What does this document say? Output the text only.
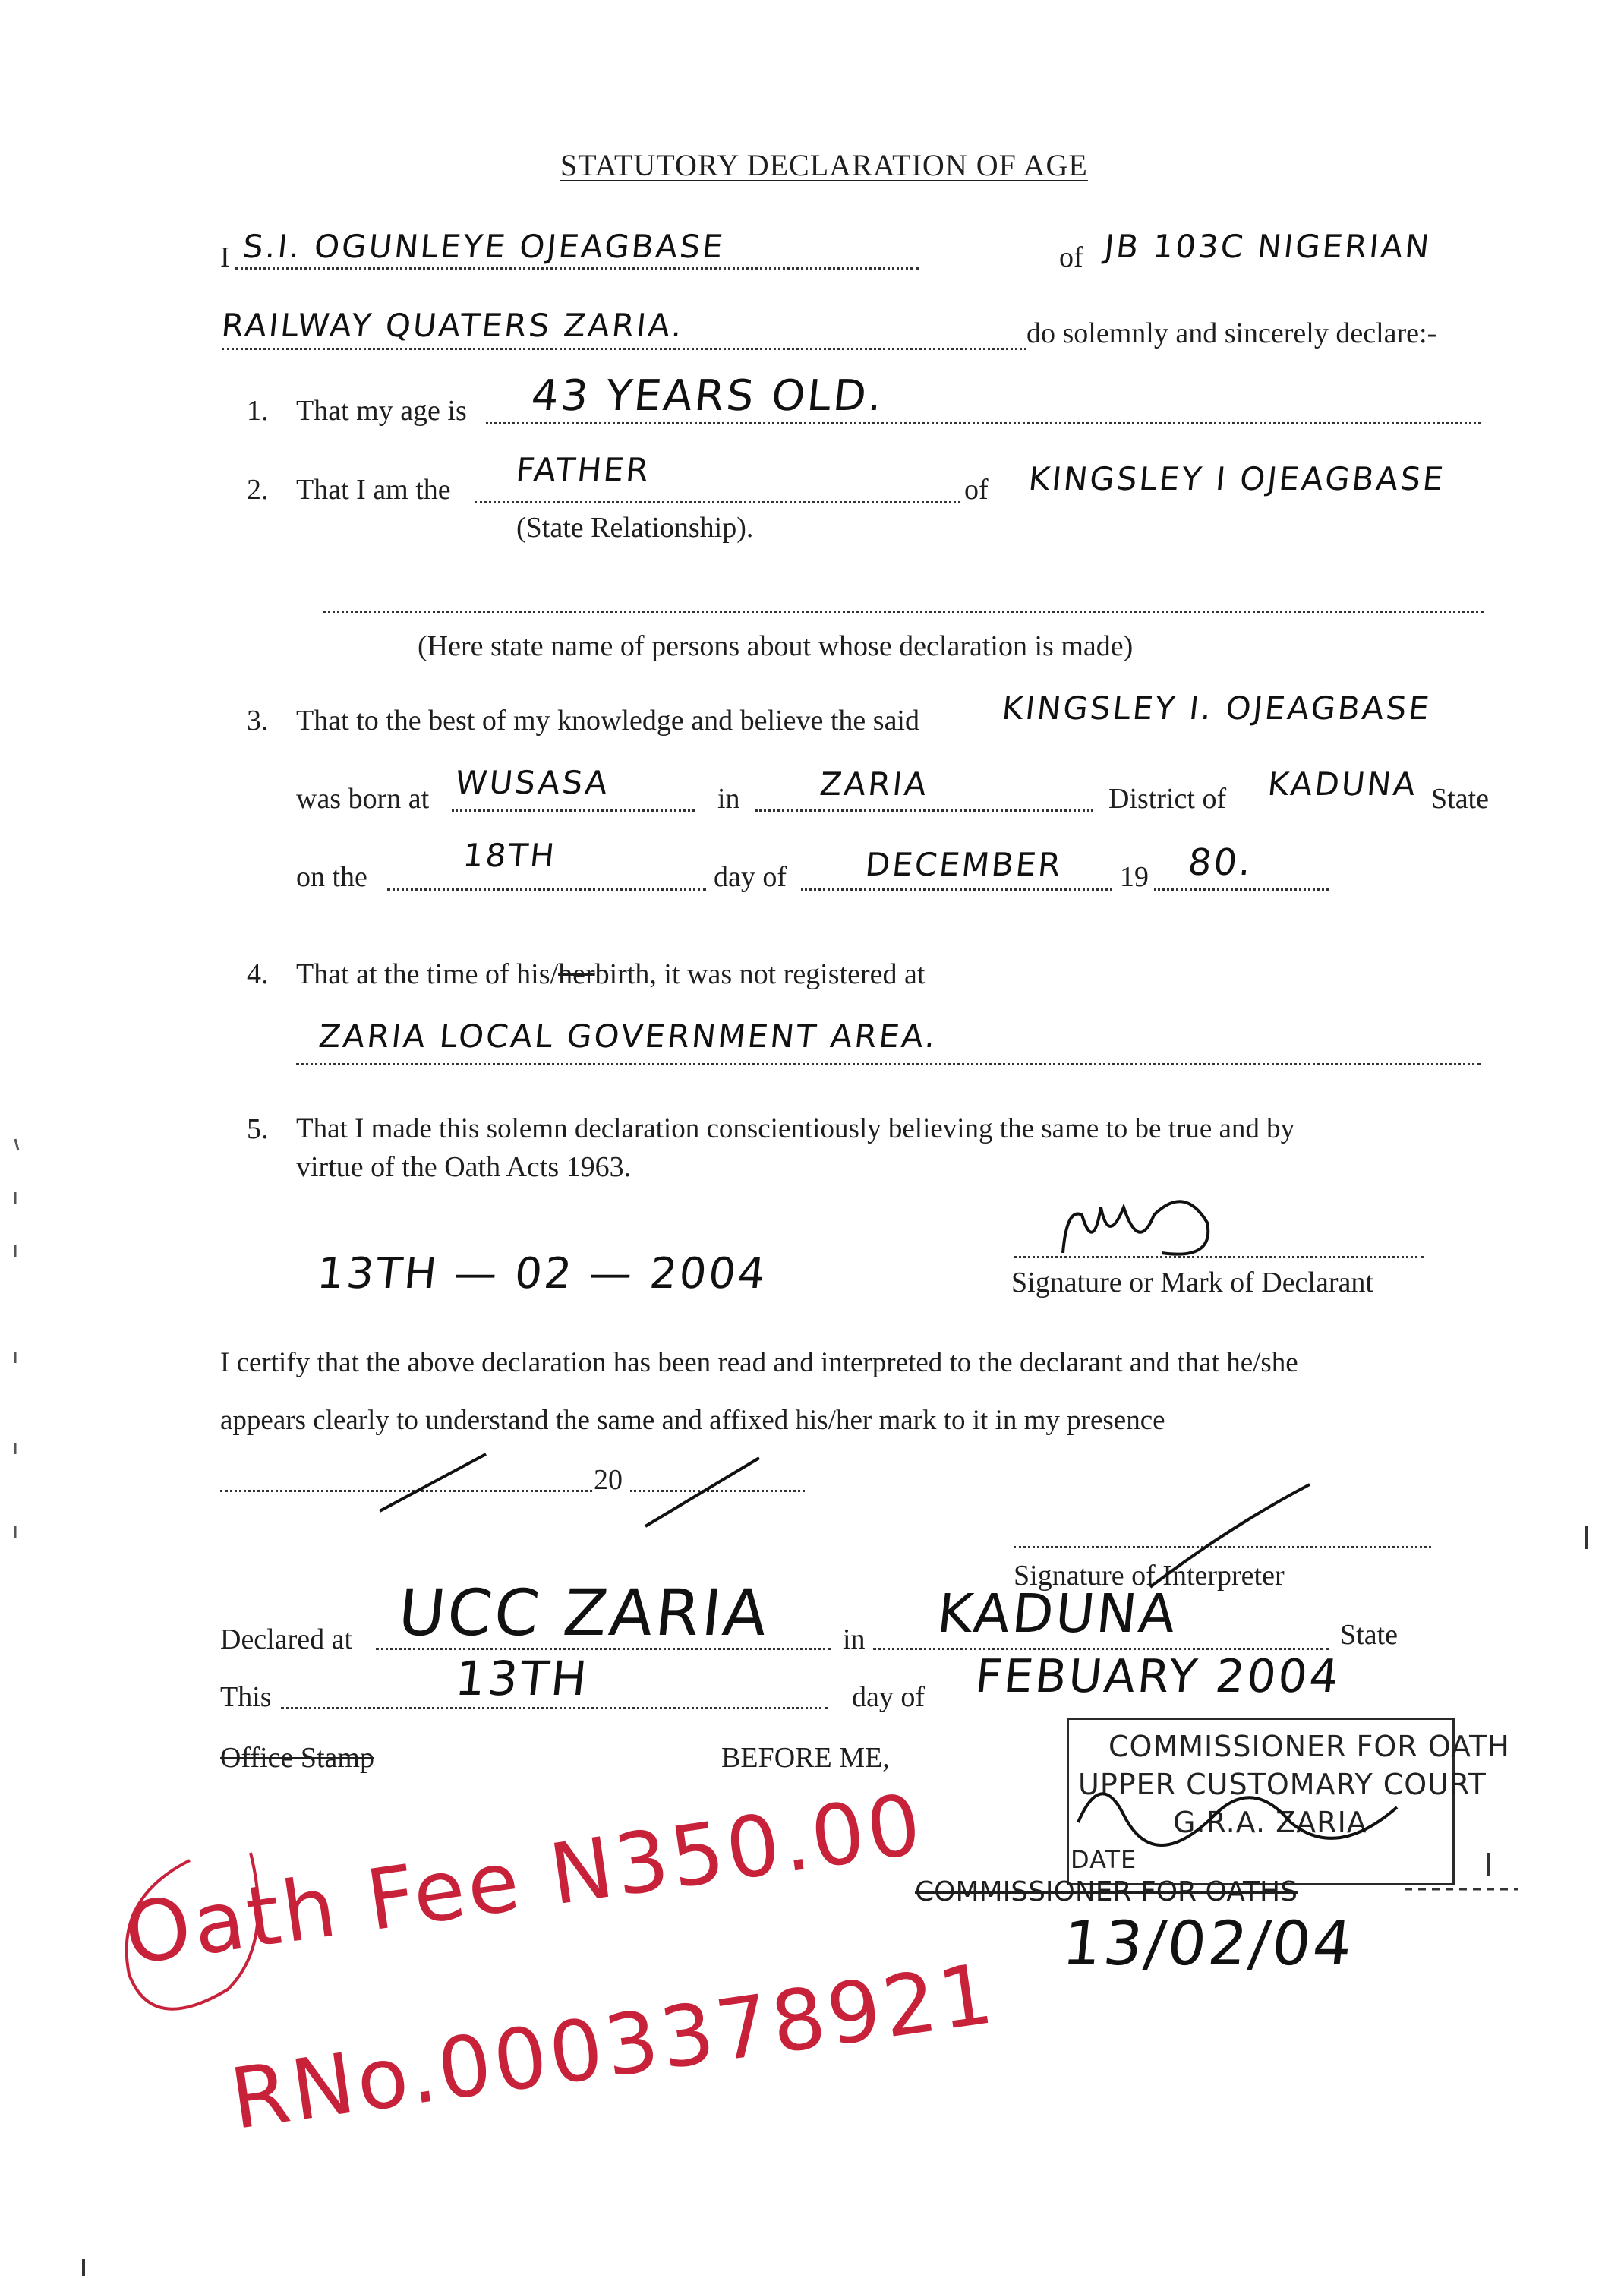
STATUTORY DECLARATION OF AGE
I S.I. OGUNLEYE OJEAGBASE	of JB 103C NIGERIAN
RAILWAY QUATERS ZARIA.	do solemnly and sincerely declare:-
1. That my age is 43 YEARS OLD.
2. That I am the
FATHER
of KINGSLEY I OJEAGBASE
(State Relationship).
(Here state name of persons about whose declaration is made)
3. That to the best of my knowledge and believe the said	KINGSLEY I. OJEAGBASE
was born at WUSASA	in ZARIA	District of KADUNA State
on the
18TH
day of DECEMBER 19 80.
4. That at the time of his/herbirth, it was not registered at
ZARIA LOCAL GOVERNMENT AREA.
5. That I made this solemn declaration conscientiously believing the same to be true and by
virtue of the Oath Acts 1963.
13TH — 02 — 2004	Signature or Mark of Declarant
I certify that the above declaration has been read and interpreted to the declarant and that he/she
appears clearly to understand the same and affixed his/her mark to it in my presence
20
Signature of Interpreter
Declared at UCC ZARIA in KADUNA	State
This	13TH	day of FEBUARY 2004
Office Stamp	BEFORE ME,	COMMISSIONER FOR OATH
UPPER CUSTOMARY COURT
G.R.A. ZARIA
DATE
COMMISSIONER FOR OATHS
13/02/04
Oath Fee N350.00
RNo.0003378921
